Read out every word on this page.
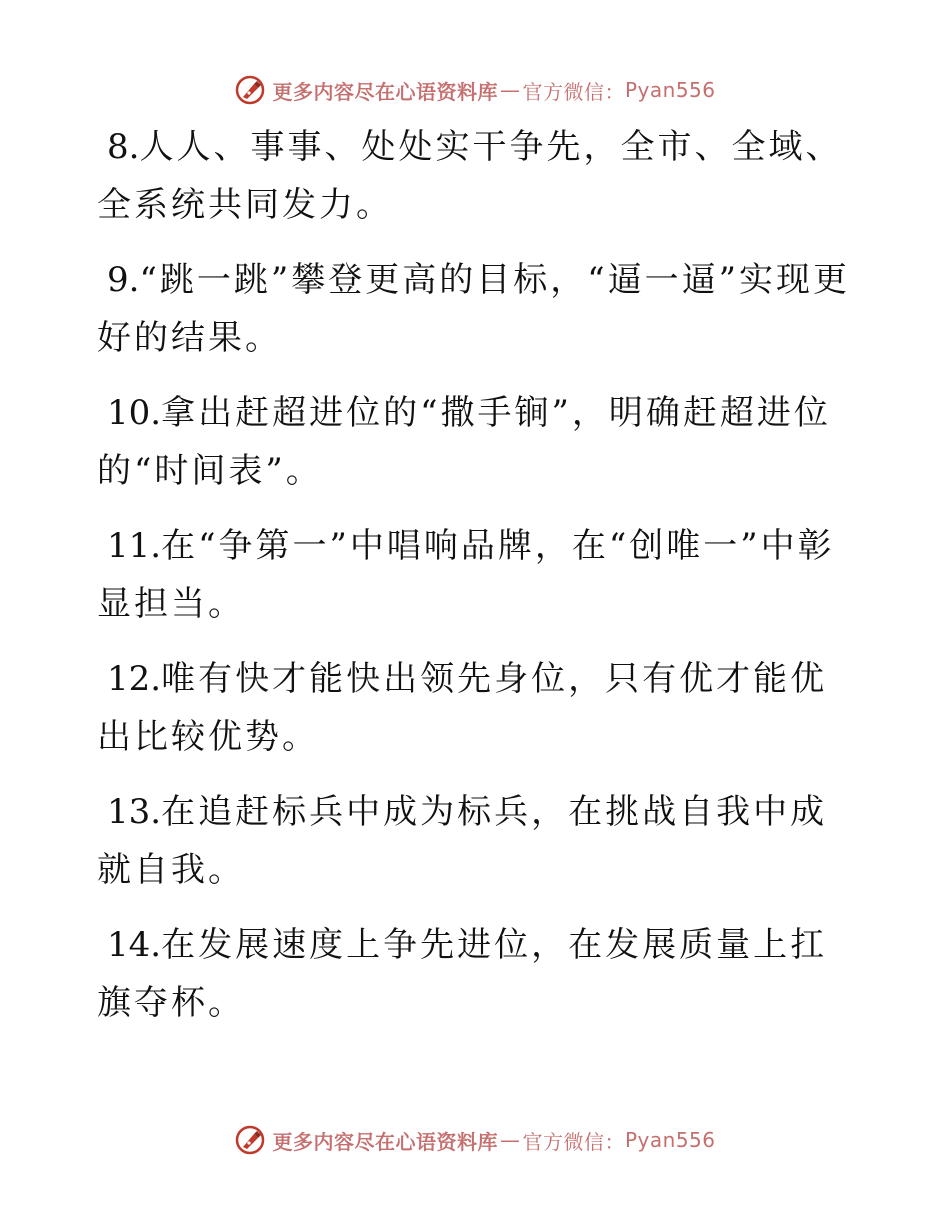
更多内容尽在心语资料库 — 官方微信： Pyan556

8.人人、事事、处处实干争先，全市、全域、全系统共同发力。

9.“跳一跳”攀登更高的目标，“逼一逼”实现更好的结果。

10.拿出赶超进位的“撒手锏”，明确赶超进位的“时间表”。

11.在“争第一”中唱响品牌，在“创唯一”中彰显担当。

12.唯有快才能快出领先身位，只有优才能优出比较优势。

13.在追赶标兵中成为标兵，在挑战自我中成就自我。

14.在发展速度上争先进位，在发展质量上扛旗夺杯。

更多内容尽在心语资料库 — 官方微信： Pyan556
